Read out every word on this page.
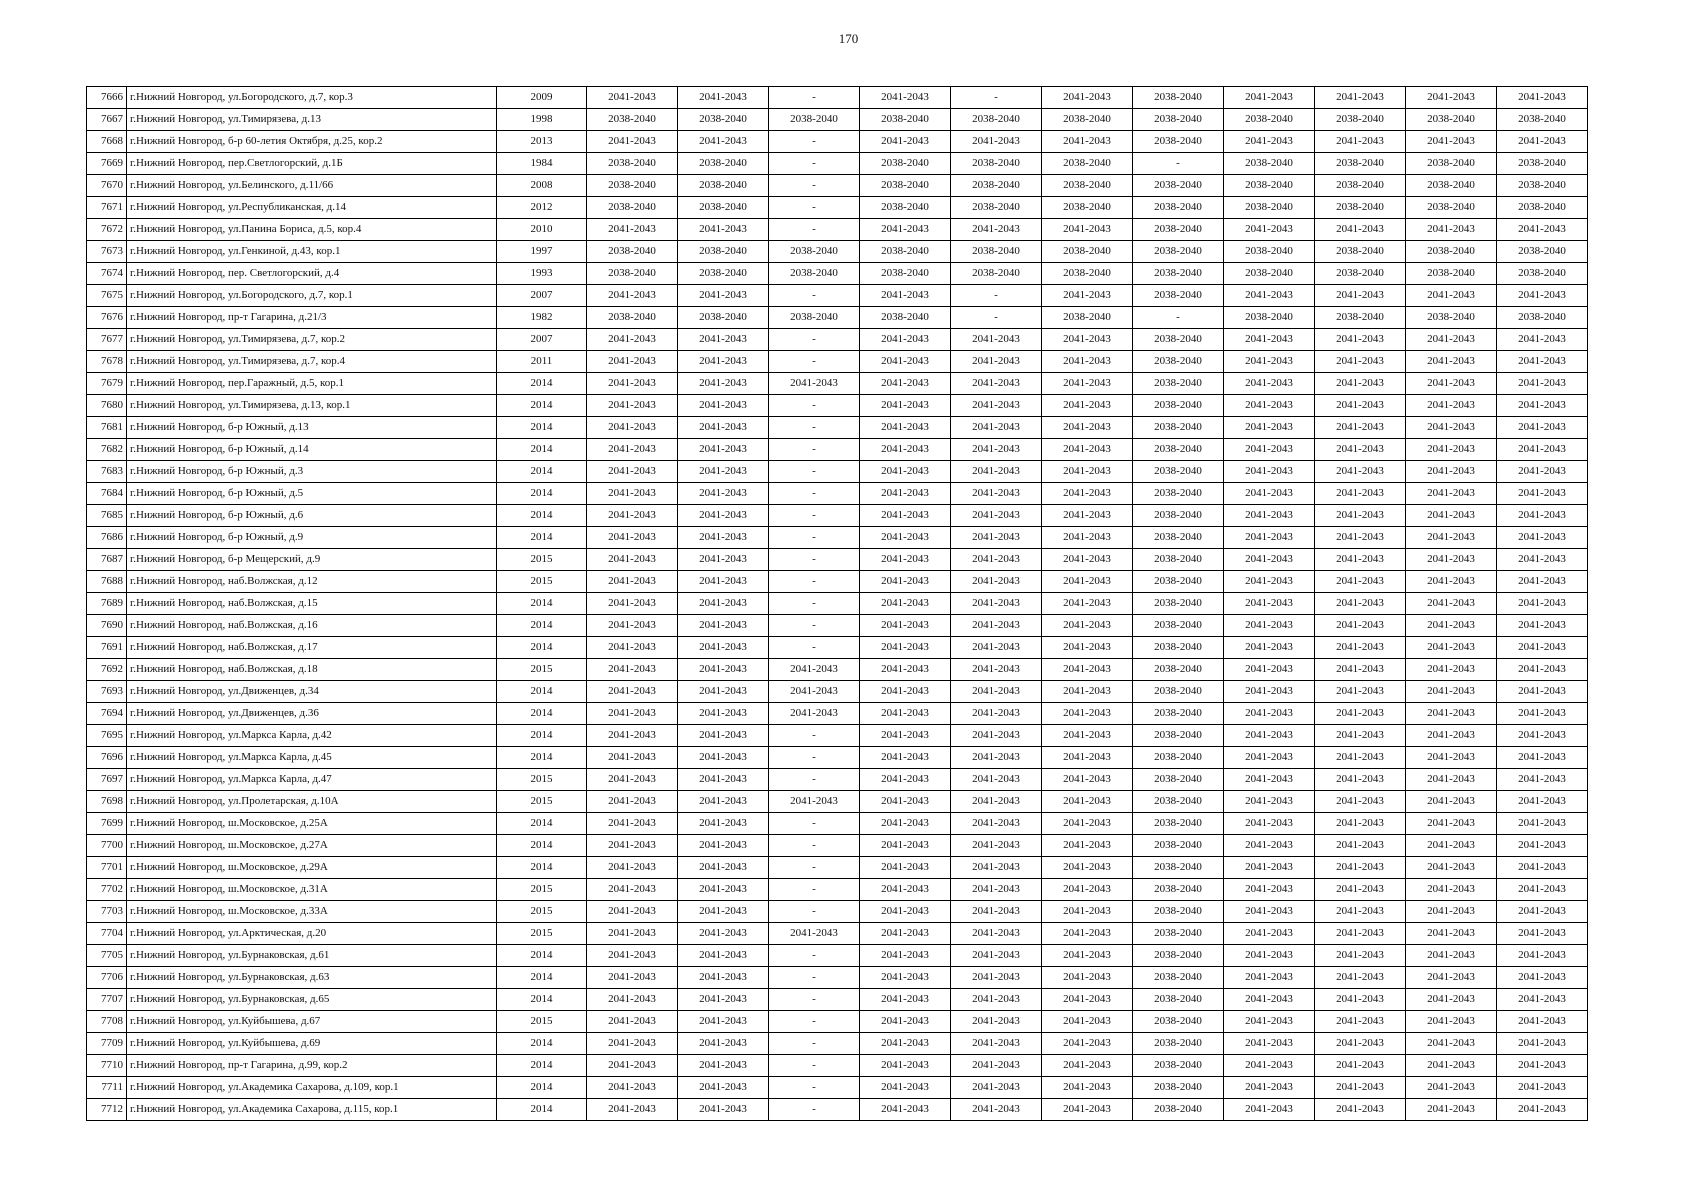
170
7666	г.Нижний Новгород, ул.Богородского, д.7, кор.3	2009	2041-2043	2041-2043	-	2041-2043	-	2041-2043	2038-2040	2041-2043	2041-2043	2041-2043	2041-2043
7667	г.Нижний Новгород, ул.Тимирязева, д.13	1998	2038-2040	2038-2040	2038-2040	2038-2040	2038-2040	2038-2040	2038-2040	2038-2040	2038-2040	2038-2040	2038-2040
7668	г.Нижний Новгород, б-р 60-летия Октября, д.25, кор.2	2013	2041-2043	2041-2043	-	2041-2043	2041-2043	2041-2043	2038-2040	2041-2043	2041-2043	2041-2043	2041-2043
7669	г.Нижний Новгород, пер.Светлогорский, д.1Б	1984	2038-2040	2038-2040	-	2038-2040	2038-2040	2038-2040	-	2038-2040	2038-2040	2038-2040	2038-2040
7670	г.Нижний Новгород, ул.Белинского, д.11/66	2008	2038-2040	2038-2040	-	2038-2040	2038-2040	2038-2040	2038-2040	2038-2040	2038-2040	2038-2040	2038-2040
7671	г.Нижний Новгород, ул.Республиканская, д.14	2012	2038-2040	2038-2040	-	2038-2040	2038-2040	2038-2040	2038-2040	2038-2040	2038-2040	2038-2040	2038-2040
7672	г.Нижний Новгород, ул.Панина Бориса, д.5, кор.4	2010	2041-2043	2041-2043	-	2041-2043	2041-2043	2041-2043	2038-2040	2041-2043	2041-2043	2041-2043	2041-2043
7673	г.Нижний Новгород, ул.Генкиной, д.43, кор.1	1997	2038-2040	2038-2040	2038-2040	2038-2040	2038-2040	2038-2040	2038-2040	2038-2040	2038-2040	2038-2040	2038-2040
7674	г.Нижний Новгород, пер. Светлогорский, д.4	1993	2038-2040	2038-2040	2038-2040	2038-2040	2038-2040	2038-2040	2038-2040	2038-2040	2038-2040	2038-2040	2038-2040
7675	г.Нижний Новгород, ул.Богородского, д.7, кор.1	2007	2041-2043	2041-2043	-	2041-2043	-	2041-2043	2038-2040	2041-2043	2041-2043	2041-2043	2041-2043
7676	г.Нижний Новгород, пр-т Гагарина, д.21/3	1982	2038-2040	2038-2040	2038-2040	2038-2040	-	2038-2040	-	2038-2040	2038-2040	2038-2040	2038-2040
7677	г.Нижний Новгород, ул.Тимирязева, д.7, кор.2	2007	2041-2043	2041-2043	-	2041-2043	2041-2043	2041-2043	2038-2040	2041-2043	2041-2043	2041-2043	2041-2043
7678	г.Нижний Новгород, ул.Тимирязева, д.7, кор.4	2011	2041-2043	2041-2043	-	2041-2043	2041-2043	2041-2043	2038-2040	2041-2043	2041-2043	2041-2043	2041-2043
7679	г.Нижний Новгород, пер.Гаражный, д.5, кор.1	2014	2041-2043	2041-2043	2041-2043	2041-2043	2041-2043	2041-2043	2038-2040	2041-2043	2041-2043	2041-2043	2041-2043
7680	г.Нижний Новгород, ул.Тимирязева, д.13, кор.1	2014	2041-2043	2041-2043	-	2041-2043	2041-2043	2041-2043	2038-2040	2041-2043	2041-2043	2041-2043	2041-2043
7681	г.Нижний Новгород, б-р Южный, д.13	2014	2041-2043	2041-2043	-	2041-2043	2041-2043	2041-2043	2038-2040	2041-2043	2041-2043	2041-2043	2041-2043
7682	г.Нижний Новгород, б-р Южный, д.14	2014	2041-2043	2041-2043	-	2041-2043	2041-2043	2041-2043	2038-2040	2041-2043	2041-2043	2041-2043	2041-2043
7683	г.Нижний Новгород, б-р Южный, д.3	2014	2041-2043	2041-2043	-	2041-2043	2041-2043	2041-2043	2038-2040	2041-2043	2041-2043	2041-2043	2041-2043
7684	г.Нижний Новгород, б-р Южный, д.5	2014	2041-2043	2041-2043	-	2041-2043	2041-2043	2041-2043	2038-2040	2041-2043	2041-2043	2041-2043	2041-2043
7685	г.Нижний Новгород, б-р Южный, д.6	2014	2041-2043	2041-2043	-	2041-2043	2041-2043	2041-2043	2038-2040	2041-2043	2041-2043	2041-2043	2041-2043
7686	г.Нижний Новгород, б-р Южный, д.9	2014	2041-2043	2041-2043	-	2041-2043	2041-2043	2041-2043	2038-2040	2041-2043	2041-2043	2041-2043	2041-2043
7687	г.Нижний Новгород, б-р Мещерский, д.9	2015	2041-2043	2041-2043	-	2041-2043	2041-2043	2041-2043	2038-2040	2041-2043	2041-2043	2041-2043	2041-2043
7688	г.Нижний Новгород, наб.Волжская, д.12	2015	2041-2043	2041-2043	-	2041-2043	2041-2043	2041-2043	2038-2040	2041-2043	2041-2043	2041-2043	2041-2043
7689	г.Нижний Новгород, наб.Волжская, д.15	2014	2041-2043	2041-2043	-	2041-2043	2041-2043	2041-2043	2038-2040	2041-2043	2041-2043	2041-2043	2041-2043
7690	г.Нижний Новгород, наб.Волжская, д.16	2014	2041-2043	2041-2043	-	2041-2043	2041-2043	2041-2043	2038-2040	2041-2043	2041-2043	2041-2043	2041-2043
7691	г.Нижний Новгород, наб.Волжская, д.17	2014	2041-2043	2041-2043	-	2041-2043	2041-2043	2041-2043	2038-2040	2041-2043	2041-2043	2041-2043	2041-2043
7692	г.Нижний Новгород, наб.Волжская, д.18	2015	2041-2043	2041-2043	2041-2043	2041-2043	2041-2043	2041-2043	2038-2040	2041-2043	2041-2043	2041-2043	2041-2043
7693	г.Нижний Новгород, ул.Движенцев, д.34	2014	2041-2043	2041-2043	2041-2043	2041-2043	2041-2043	2041-2043	2038-2040	2041-2043	2041-2043	2041-2043	2041-2043
7694	г.Нижний Новгород, ул.Движенцев, д.36	2014	2041-2043	2041-2043	2041-2043	2041-2043	2041-2043	2041-2043	2038-2040	2041-2043	2041-2043	2041-2043	2041-2043
7695	г.Нижний Новгород, ул.Маркса Карла, д.42	2014	2041-2043	2041-2043	-	2041-2043	2041-2043	2041-2043	2038-2040	2041-2043	2041-2043	2041-2043	2041-2043
7696	г.Нижний Новгород, ул.Маркса Карла, д.45	2014	2041-2043	2041-2043	-	2041-2043	2041-2043	2041-2043	2038-2040	2041-2043	2041-2043	2041-2043	2041-2043
7697	г.Нижний Новгород, ул.Маркса Карла, д.47	2015	2041-2043	2041-2043	-	2041-2043	2041-2043	2041-2043	2038-2040	2041-2043	2041-2043	2041-2043	2041-2043
7698	г.Нижний Новгород, ул.Пролетарская, д.10А	2015	2041-2043	2041-2043	2041-2043	2041-2043	2041-2043	2041-2043	2038-2040	2041-2043	2041-2043	2041-2043	2041-2043
7699	г.Нижний Новгород, ш.Московское, д.25А	2014	2041-2043	2041-2043	-	2041-2043	2041-2043	2041-2043	2038-2040	2041-2043	2041-2043	2041-2043	2041-2043
7700	г.Нижний Новгород, ш.Московское, д.27А	2014	2041-2043	2041-2043	-	2041-2043	2041-2043	2041-2043	2038-2040	2041-2043	2041-2043	2041-2043	2041-2043
7701	г.Нижний Новгород, ш.Московское, д.29А	2014	2041-2043	2041-2043	-	2041-2043	2041-2043	2041-2043	2038-2040	2041-2043	2041-2043	2041-2043	2041-2043
7702	г.Нижний Новгород, ш.Московское, д.31А	2015	2041-2043	2041-2043	-	2041-2043	2041-2043	2041-2043	2038-2040	2041-2043	2041-2043	2041-2043	2041-2043
7703	г.Нижний Новгород, ш.Московское, д.33А	2015	2041-2043	2041-2043	-	2041-2043	2041-2043	2041-2043	2038-2040	2041-2043	2041-2043	2041-2043	2041-2043
7704	г.Нижний Новгород, ул.Арктическая, д.20	2015	2041-2043	2041-2043	2041-2043	2041-2043	2041-2043	2041-2043	2038-2040	2041-2043	2041-2043	2041-2043	2041-2043
7705	г.Нижний Новгород, ул.Бурнаковская, д.61	2014	2041-2043	2041-2043	-	2041-2043	2041-2043	2041-2043	2038-2040	2041-2043	2041-2043	2041-2043	2041-2043
7706	г.Нижний Новгород, ул.Бурнаковская, д.63	2014	2041-2043	2041-2043	-	2041-2043	2041-2043	2041-2043	2038-2040	2041-2043	2041-2043	2041-2043	2041-2043
7707	г.Нижний Новгород, ул.Бурнаковская, д.65	2014	2041-2043	2041-2043	-	2041-2043	2041-2043	2041-2043	2038-2040	2041-2043	2041-2043	2041-2043	2041-2043
7708	г.Нижний Новгород, ул.Куйбышева, д.67	2015	2041-2043	2041-2043	-	2041-2043	2041-2043	2041-2043	2038-2040	2041-2043	2041-2043	2041-2043	2041-2043
7709	г.Нижний Новгород, ул.Куйбышева, д.69	2014	2041-2043	2041-2043	-	2041-2043	2041-2043	2041-2043	2038-2040	2041-2043	2041-2043	2041-2043	2041-2043
7710	г.Нижний Новгород, пр-т Гагарина, д.99, кор.2	2014	2041-2043	2041-2043	-	2041-2043	2041-2043	2041-2043	2038-2040	2041-2043	2041-2043	2041-2043	2041-2043
7711	г.Нижний Новгород, ул.Академика Сахарова, д.109, кор.1	2014	2041-2043	2041-2043	-	2041-2043	2041-2043	2041-2043	2038-2040	2041-2043	2041-2043	2041-2043	2041-2043
7712	г.Нижний Новгород, ул.Академика Сахарова, д.115, кор.1	2014	2041-2043	2041-2043	-	2041-2043	2041-2043	2041-2043	2038-2040	2041-2043	2041-2043	2041-2043	2041-2043
